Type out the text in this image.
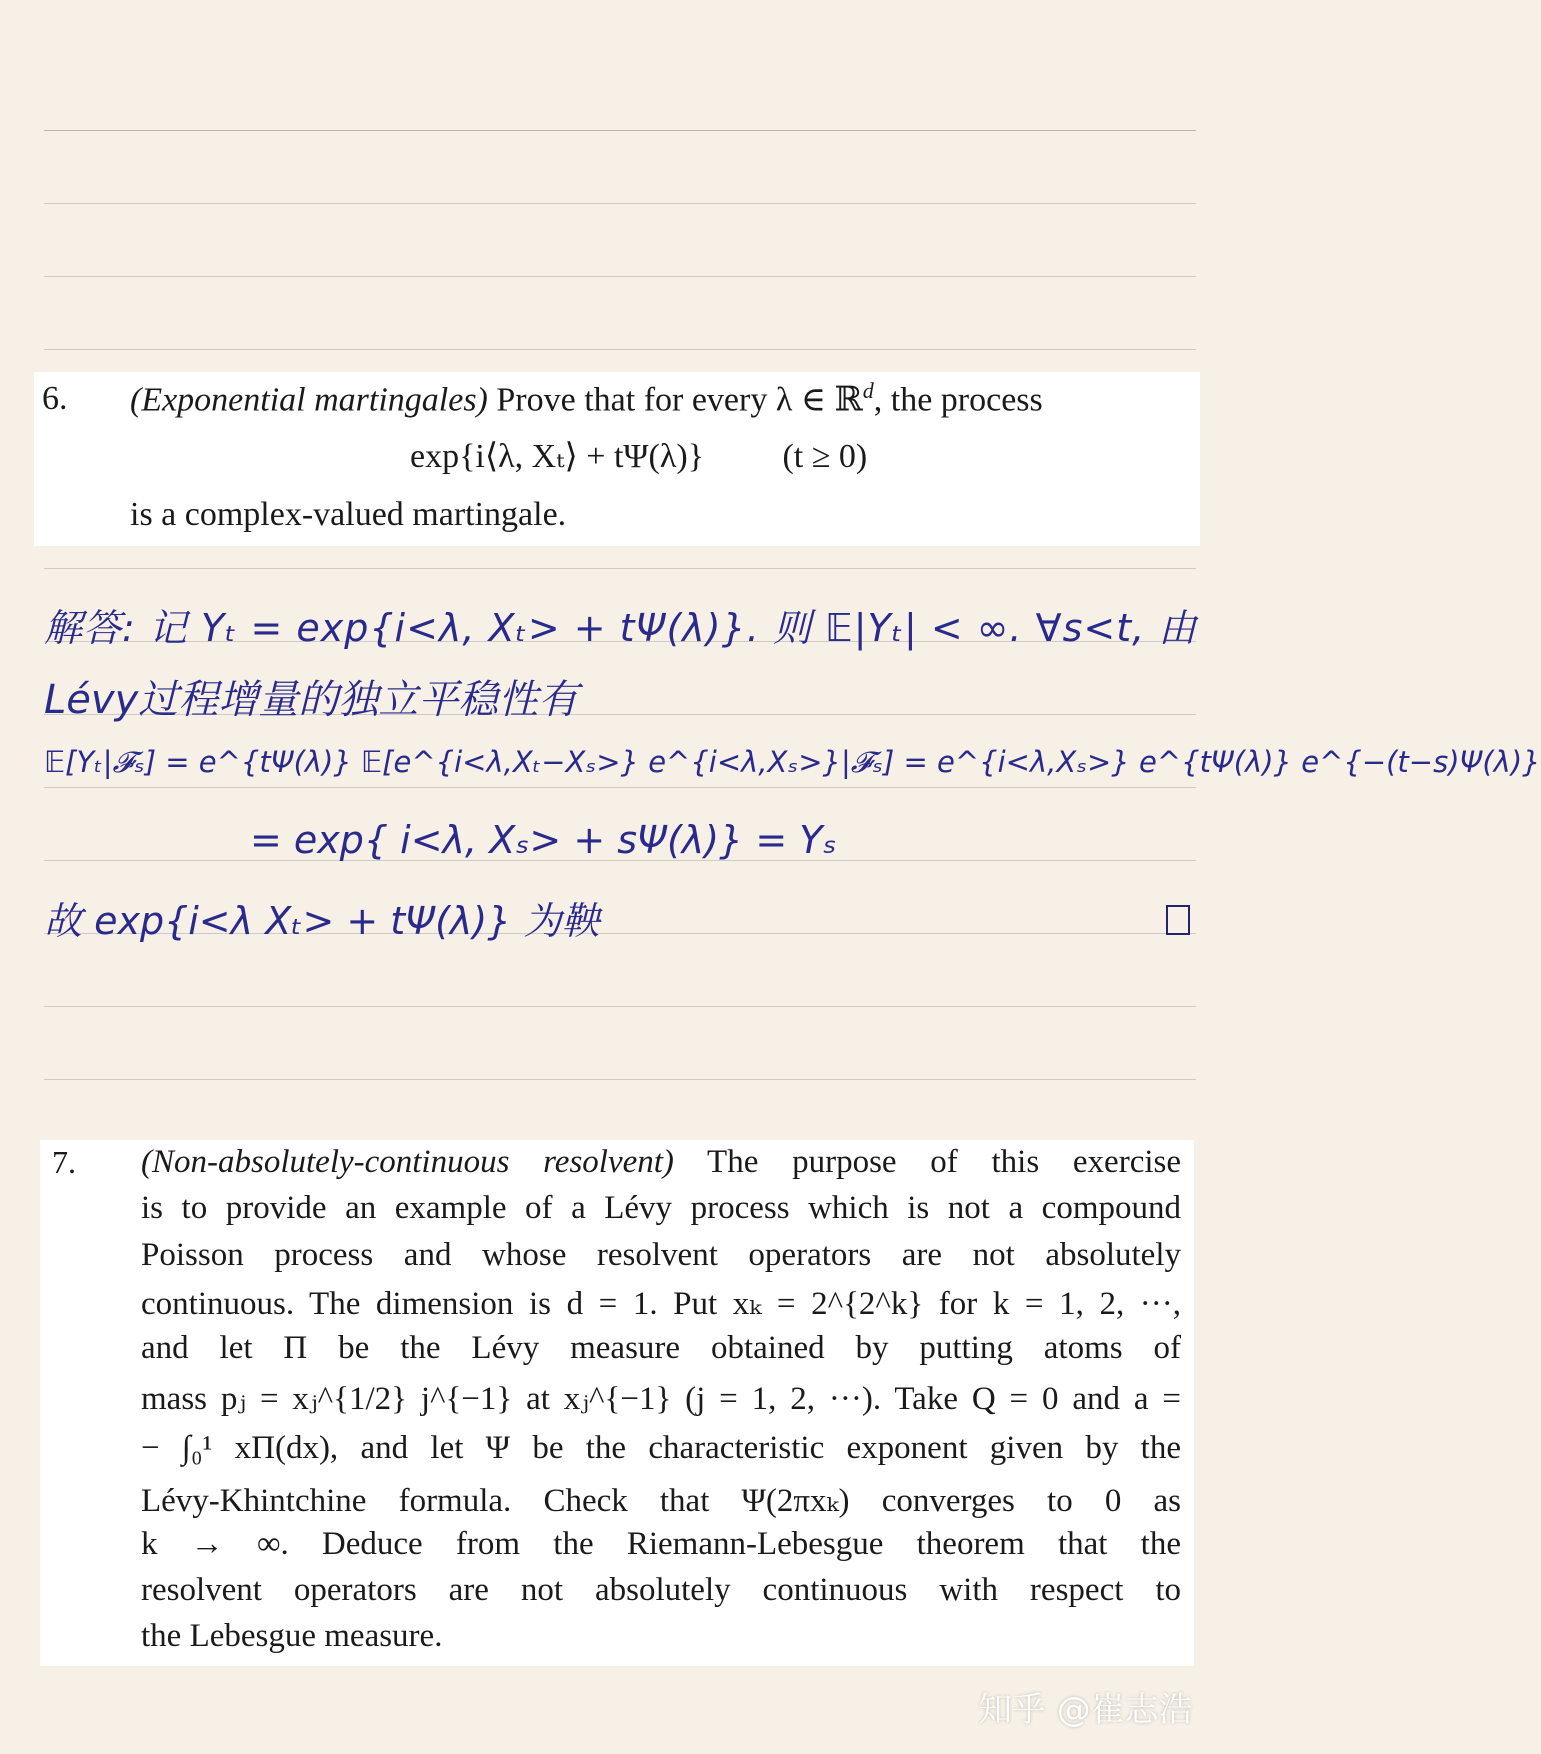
6. (Exponential martingales) Prove that for every λ ∈ ℝ$^d$, the process
exp{i⟨λ, Xₜ⟩ + tΨ(λ)} (t ≥ 0)
is a complex-valued martingale.
解答: 记 Yₜ = exp{i<λ, Xₜ> + tΨ(λ)}. 则 𝔼|Yₜ| < ∞. ∀s<t, 由
Lévy过程增量的独立平稳性有
𝔼[Yₜ|𝓕ₛ] = e^{tΨ(λ)} 𝔼[e^{i<λ,Xₜ−Xₛ>} e^{i<λ,Xₛ>}|𝓕ₛ] = e^{i<λ,Xₛ>} e^{tΨ(λ)} e^{−(t−s)Ψ(λ)}
= exp{ i<λ, Xₛ> + sΨ(λ)} = Yₛ
故 exp{i<λ Xₜ> + tΨ(λ)} 为鞅
7. (Non-absolutely-continuous resolvent) The purpose of this exercise
is to provide an example of a Lévy process which is not a compound
Poisson process and whose resolvent operators are not absolutely
continuous. The dimension is d = 1. Put xₖ = 2^{2^k} for k = 1, 2, ···,
and let Π be the Lévy measure obtained by putting atoms of
mass pⱼ = xⱼ^{1/2} j^{−1} at xⱼ^{−1} (j = 1, 2, ···). Take Q = 0 and a =
− ∫₀¹ xΠ(dx), and let Ψ be the characteristic exponent given by the
Lévy-Khintchine formula. Check that Ψ(2πxₖ) converges to 0 as
k → ∞. Deduce from the Riemann-Lebesgue theorem that the
resolvent operators are not absolutely continuous with respect to
the Lebesgue measure.
知乎 @崔志浩
